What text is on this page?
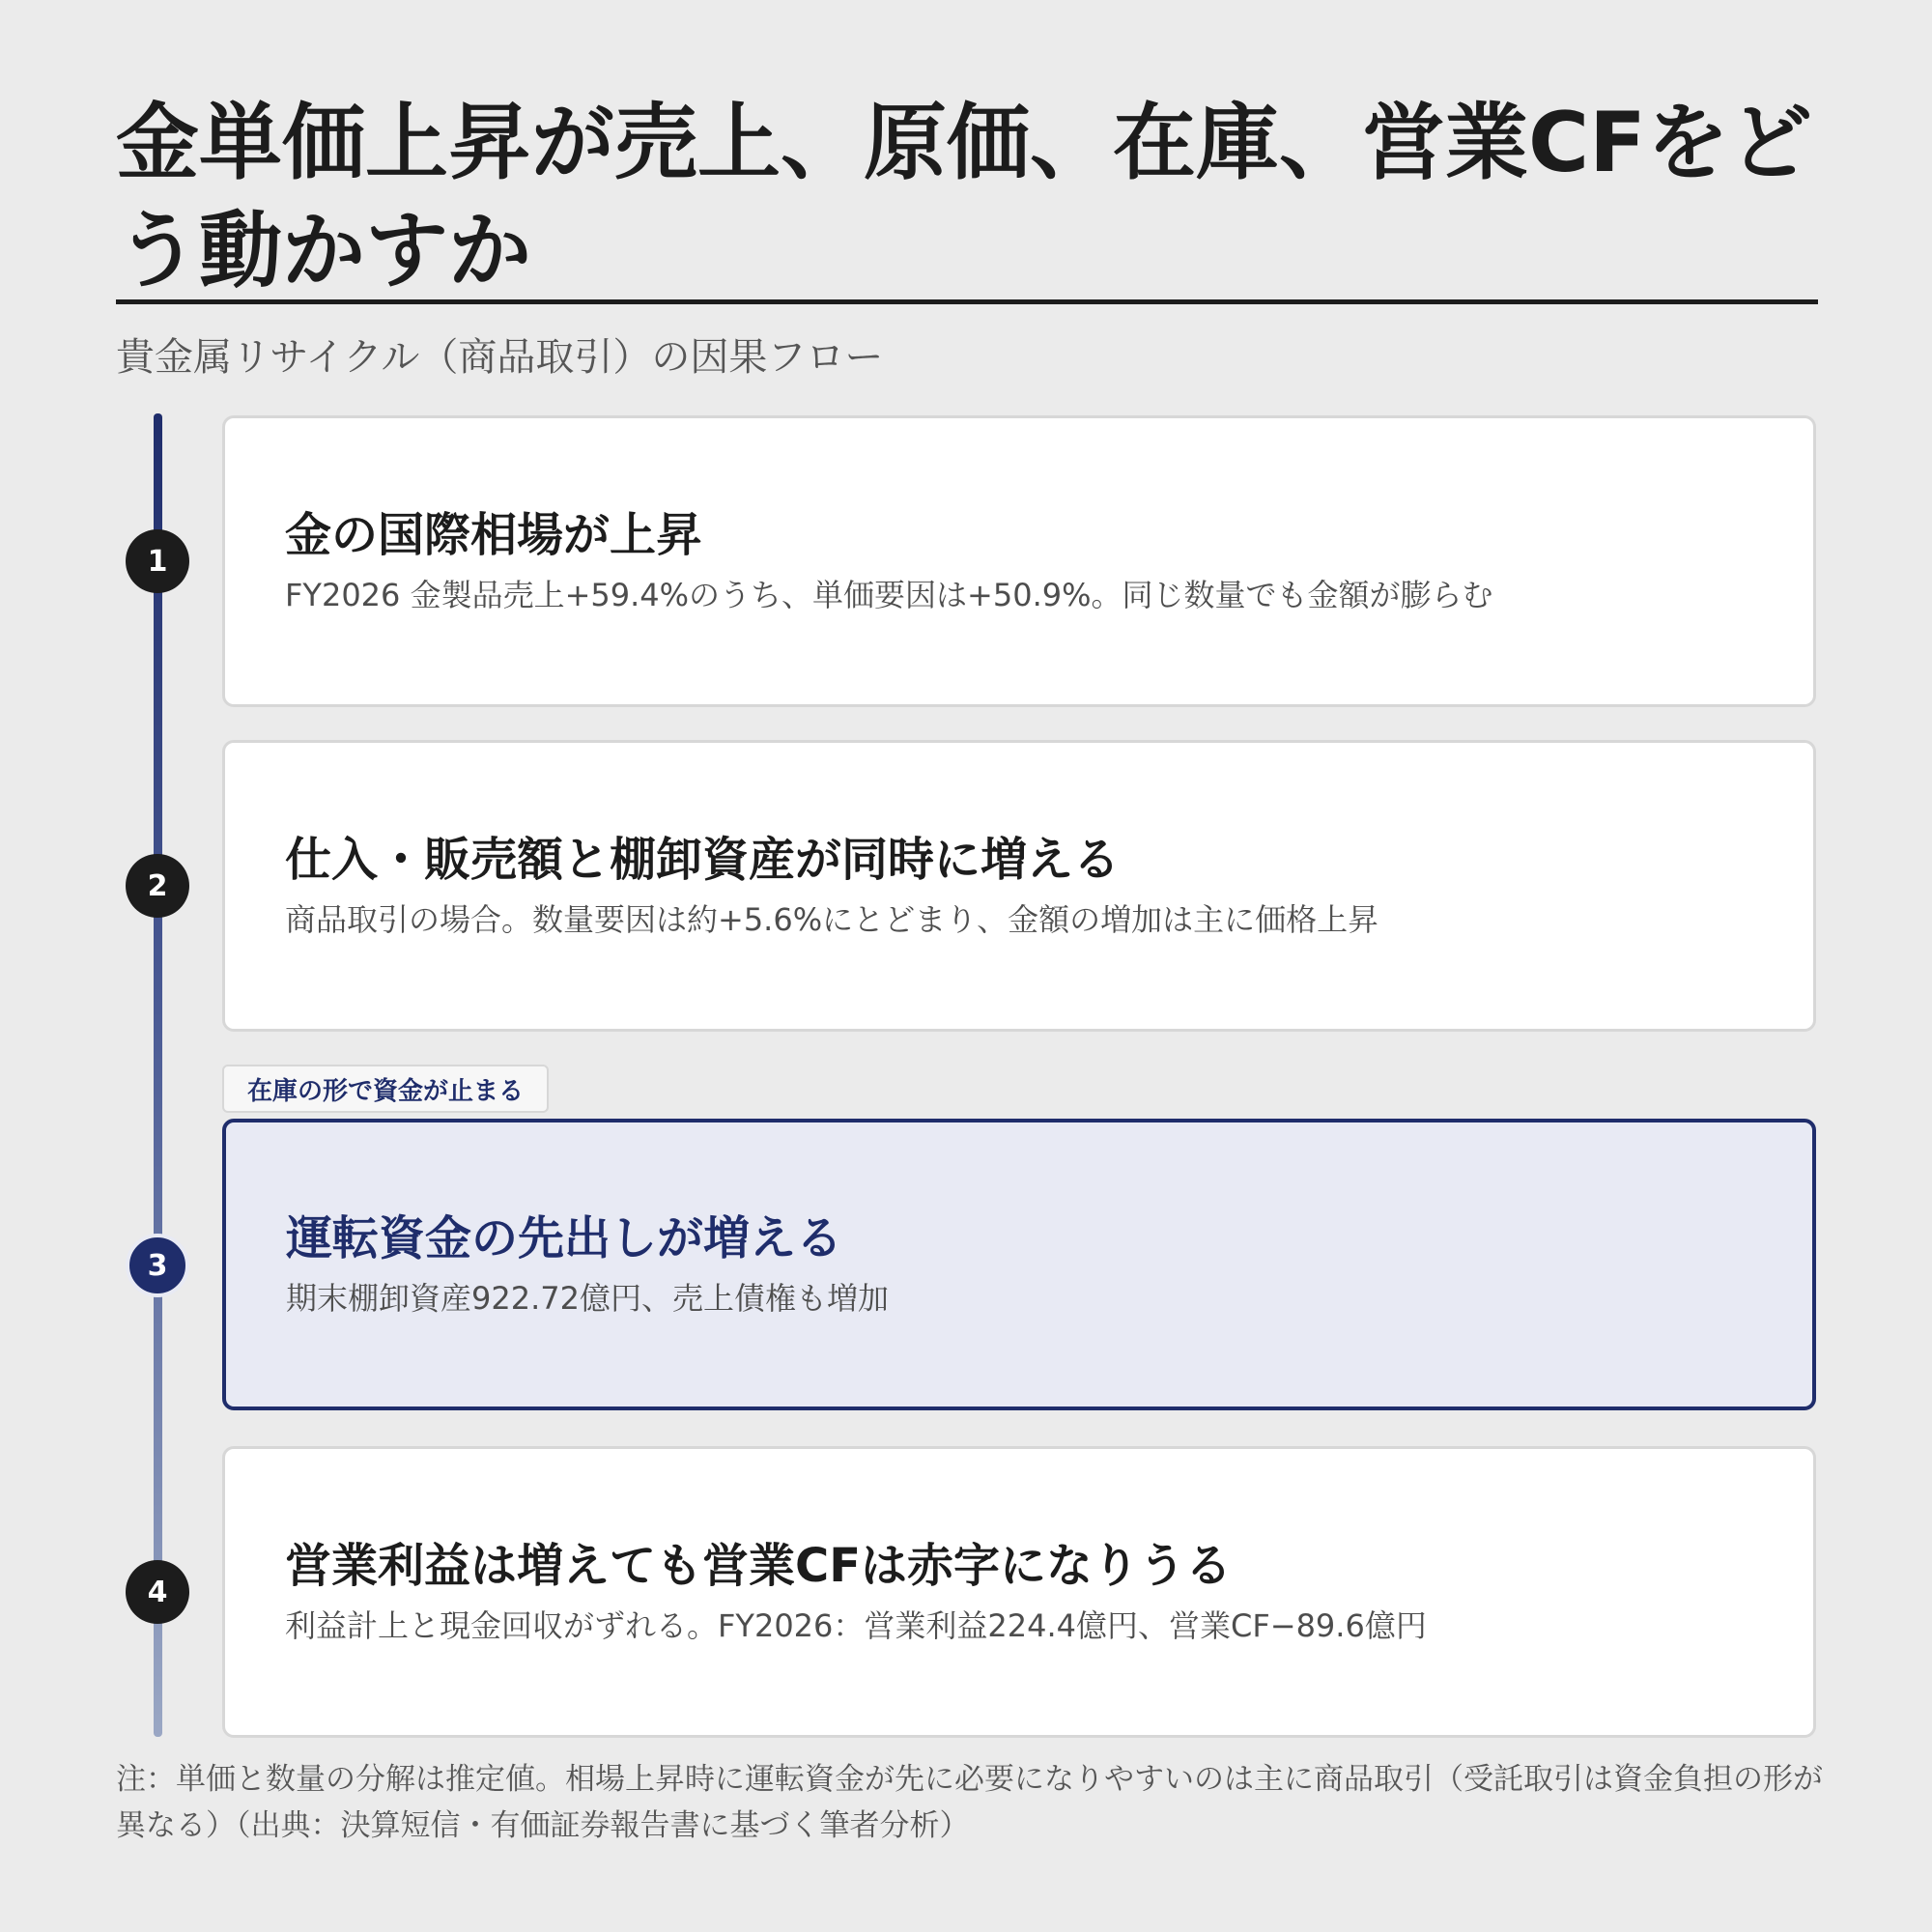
金単価上昇が売上、原価、在庫、営業CFをどう動かすか
貴金属リサイクル（商品取引）の因果フロー
1	金の国際相場が上昇
FY2026 金製品売上+59.4%のうち、単価要因は+50.9%。同じ数量でも金額が膨らむ
2	仕入・販売額と棚卸資産が同時に増える
商品取引の場合。数量要因は約+5.6%にとどまり、金額の増加は主に価格上昇
在庫の形で資金が止まる
3	運転資金の先出しが増える
期末棚卸資産922.72億円、売上債権も増加
4	営業利益は増えても営業CFは赤字になりうる
利益計上と現金回収がずれる。FY2026：営業利益224.4億円、営業CF−89.6億円
注：単価と数量の分解は推定値。相場上昇時に運転資金が先に必要になりやすいのは主に商品取引（受託取引は資金負担の形が異なる）（出典：決算短信・有価証券報告書に基づく筆者分析）
